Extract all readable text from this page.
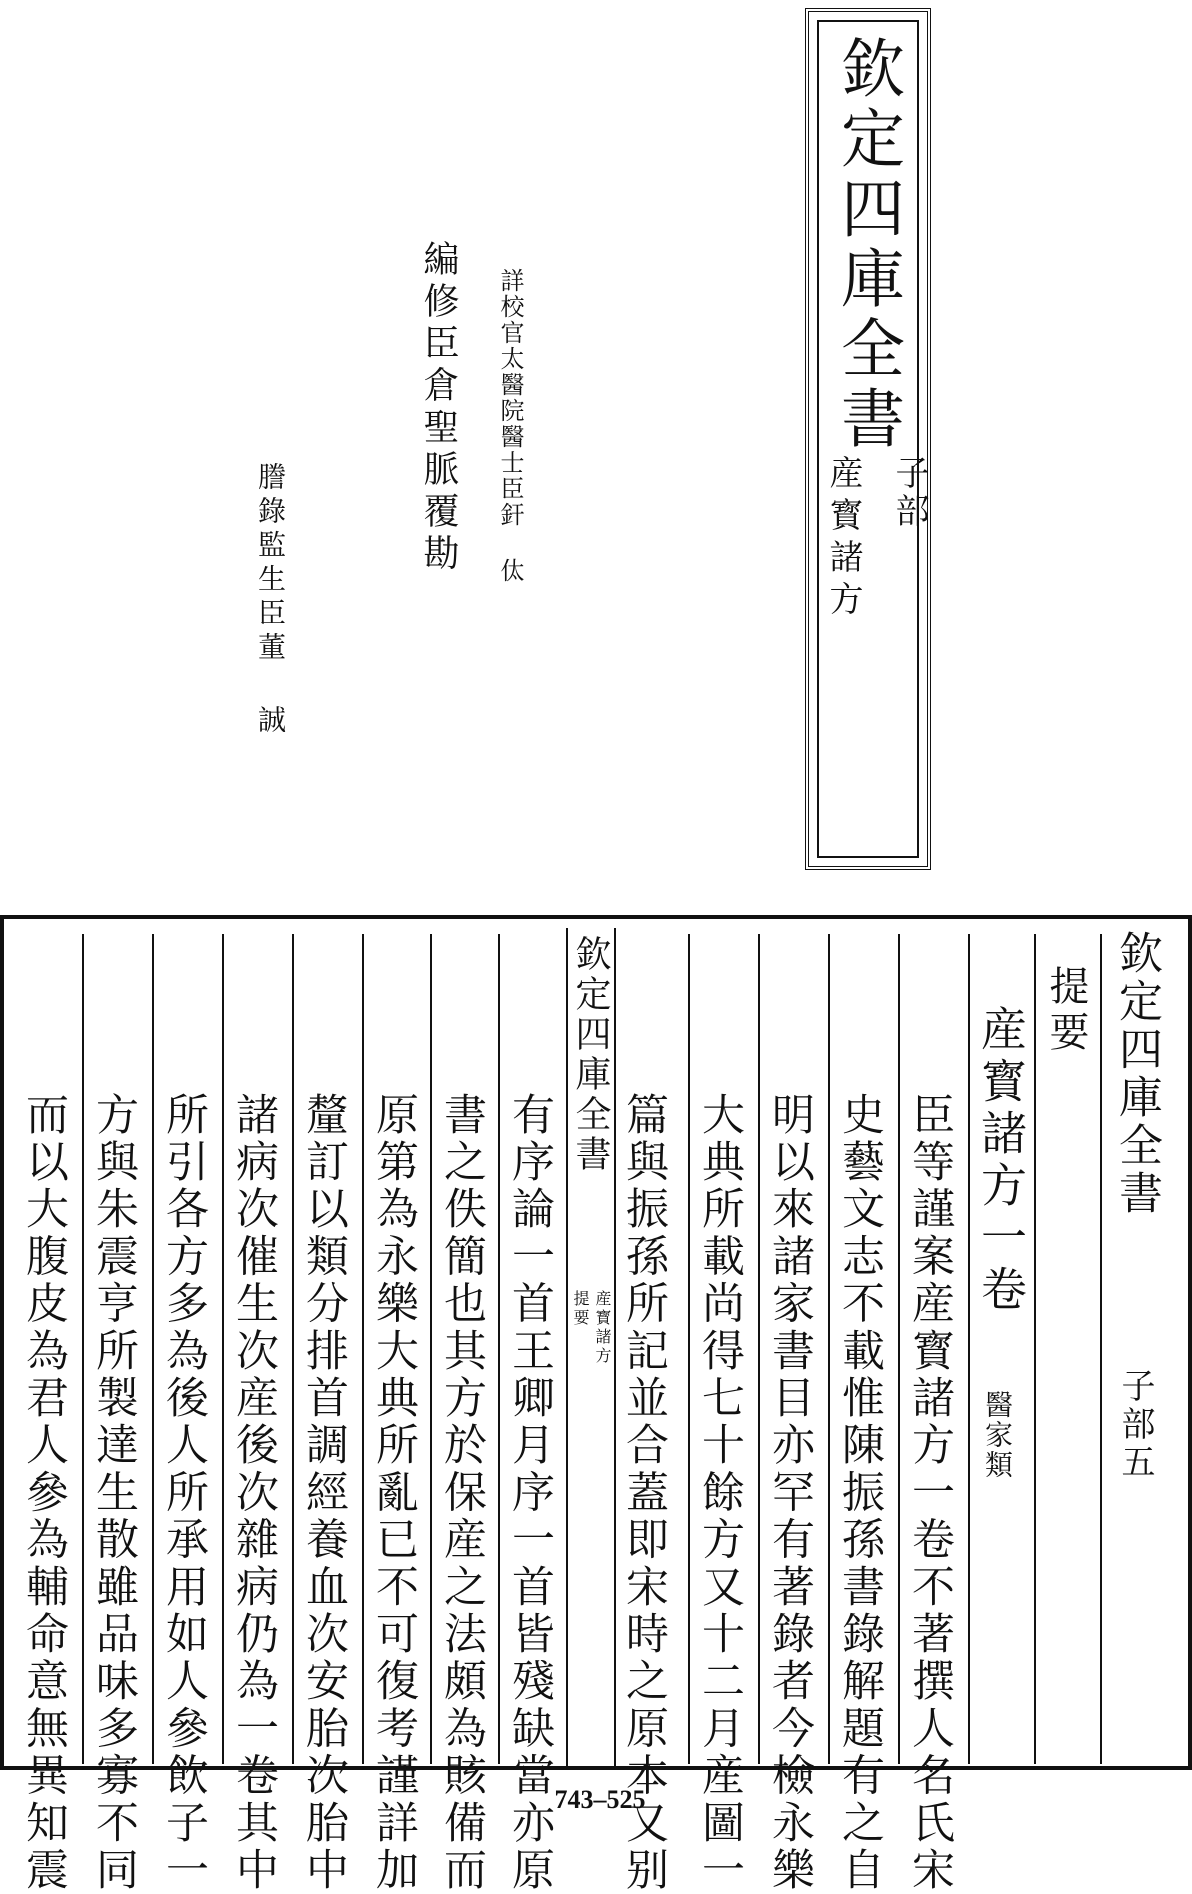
欽定四庫全書
子部
産寳諸方
詳校官太醫院醫士臣釬 㑀
編修臣倉聖脈覆勘
謄錄監生臣董 誠
欽定四庫全書
産寳諸方
提要
欽定四庫全書
子部五
提要
産寳諸方一卷
醫家類
臣等謹案産寳諸方一卷不著撰人名氏宋
史藝文志不載惟陳振孫書錄解題有之自
明以來諸家書目亦罕有著錄者今檢永樂
大典所載尚得七十餘方又十二月産圖一
篇與振孫所記並合蓋即宋時之原本又别
有序論一首王卿月序一首皆殘缺當亦原
書之佚簡也其方於保産之法頗為賅備而
原第為永樂大典所亂已不可復考謹詳加
釐訂以類分排首調經養血次安胎次胎中
諸病次催生次産後次雜病仍為一卷其中
所引各方多為後人所承用如人參飲子一
方與朱震亨所製達生散雖品味多寡不同
而以大腹皮為君人參為輔命意無異知震	743–525
